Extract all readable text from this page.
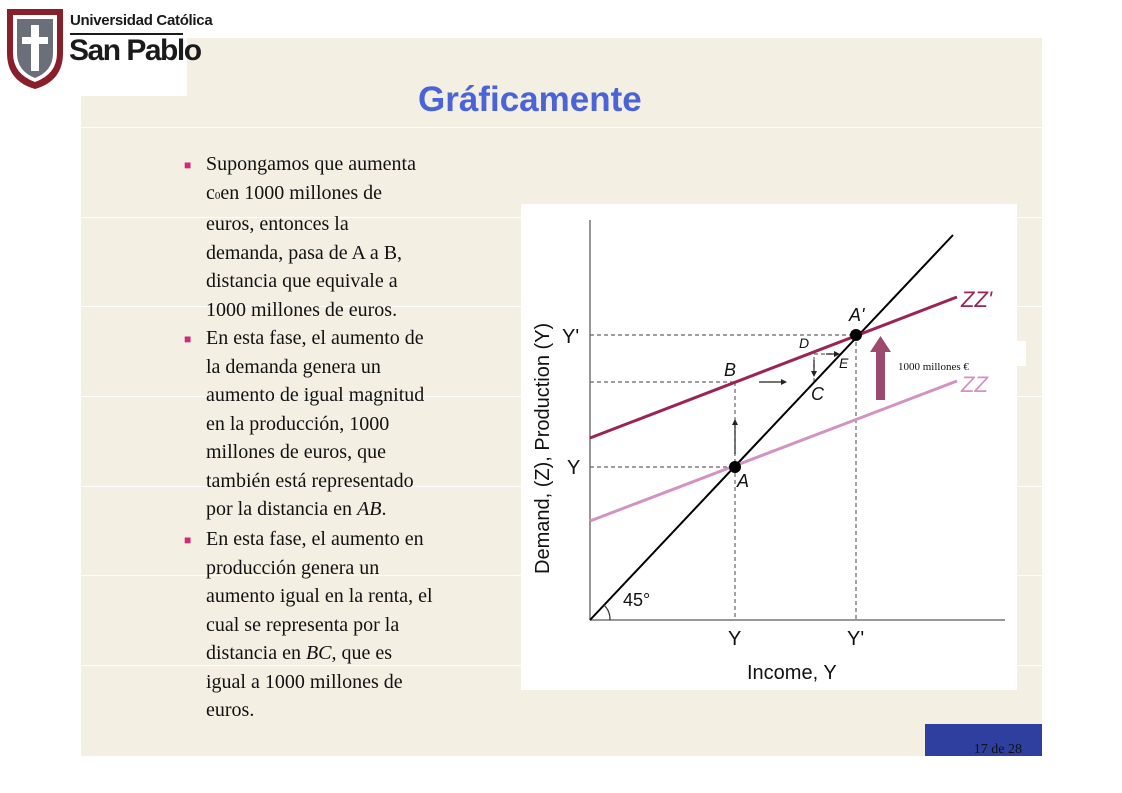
Universidad Católica
San Pablo
Gráficamente
■ Supongamos que aumenta
c0en 1000 millones de
euros, entonces la
demanda, pasa de A a B,
distancia que equivale a
1000 millones de euros.
■ En esta fase, el aumento de
la demanda genera un
aumento de igual magnitud
en la producción, 1000
millones de euros, que
también está representado
por la distancia en AB.
■ En esta fase, el aumento en
producción genera un
aumento igual en la renta, el
cual se representa por la
distancia en BC, que es
igual a 1000 millones de
euros.
45°
ZZ'
ZZ
1000 millones €
A
A'
B
C
D
E
Y'
Y
Y	Y'
Income, Y
Demand, (Z), Production (Y)
17 de 28
